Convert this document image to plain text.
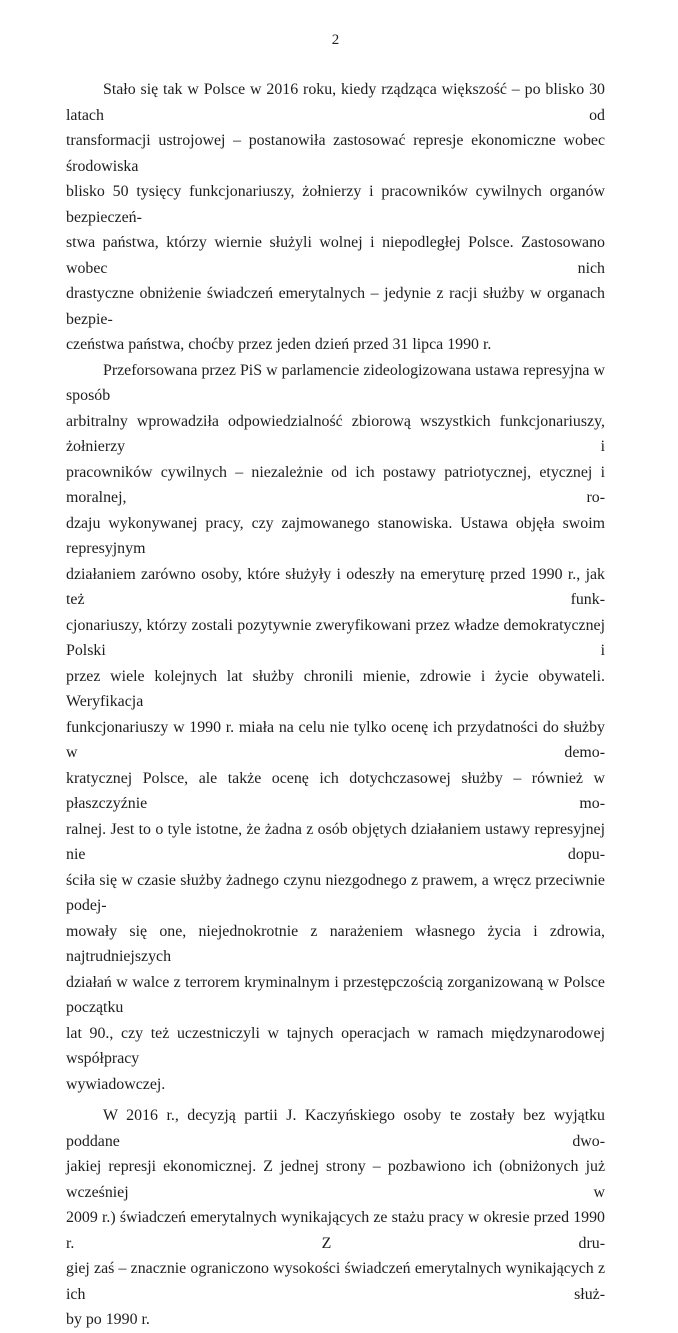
2
Stało się tak w Polsce w 2016 roku, kiedy rządząca większość – po blisko 30 latach od
transformacji ustrojowej – postanowiła zastosować represje ekonomiczne wobec środowiska
blisko 50 tysięcy funkcjonariuszy, żołnierzy i pracowników cywilnych organów bezpieczeń-
stwa państwa, którzy wiernie służyli wolnej i niepodległej Polsce. Zastosowano wobec nich
drastyczne obniżenie świadczeń emerytalnych – jedynie z racji służby w organach bezpie-
czeństwa państwa, choćby przez jeden dzień przed 31 lipca 1990 r.
Przeforsowana przez PiS w parlamencie zideologizowana ustawa represyjna w sposób
arbitralny wprowadziła odpowiedzialność zbiorową wszystkich funkcjonariuszy, żołnierzy i
pracowników cywilnych – niezależnie od ich postawy patriotycznej, etycznej i moralnej, ro-
dzaju wykonywanej pracy, czy zajmowanego stanowiska. Ustawa objęła swoim represyjnym
działaniem zarówno osoby, które służyły i odeszły na emeryturę przed 1990 r., jak też funk-
cjonariuszy, którzy zostali pozytywnie zweryfikowani przez władze demokratycznej Polski i
przez wiele kolejnych lat służby chronili mienie, zdrowie i życie obywateli. Weryfikacja
funkcjonariuszy w 1990 r. miała na celu nie tylko ocenę ich przydatności do służby w demo-
kratycznej Polsce, ale także ocenę ich dotychczasowej służby – również w płaszczyźnie mo-
ralnej. Jest to o tyle istotne, że żadna z osób objętych działaniem ustawy represyjnej nie dopu-
ściła się w czasie służby żadnego czynu niezgodnego z prawem, a wręcz przeciwnie podej-
mowały się one, niejednokrotnie z narażeniem własnego życia i zdrowia, najtrudniejszych
działań w walce z terrorem kryminalnym i przestępczością zorganizowaną w Polsce początku
lat 90., czy też uczestniczyli w tajnych operacjach w ramach międzynarodowej współpracy
wywiadowczej.
W 2016 r., decyzją partii J. Kaczyńskiego osoby te zostały bez wyjątku poddane dwo-
jakiej represji ekonomicznej. Z jednej strony – pozbawiono ich (obniżonych już wcześniej w
2009 r.) świadczeń emerytalnych wynikających ze stażu pracy w okresie przed 1990 r. Z dru-
giej zaś – znacznie ograniczono wysokości świadczeń emerytalnych wynikających z ich służ-
by po 1990 r.
